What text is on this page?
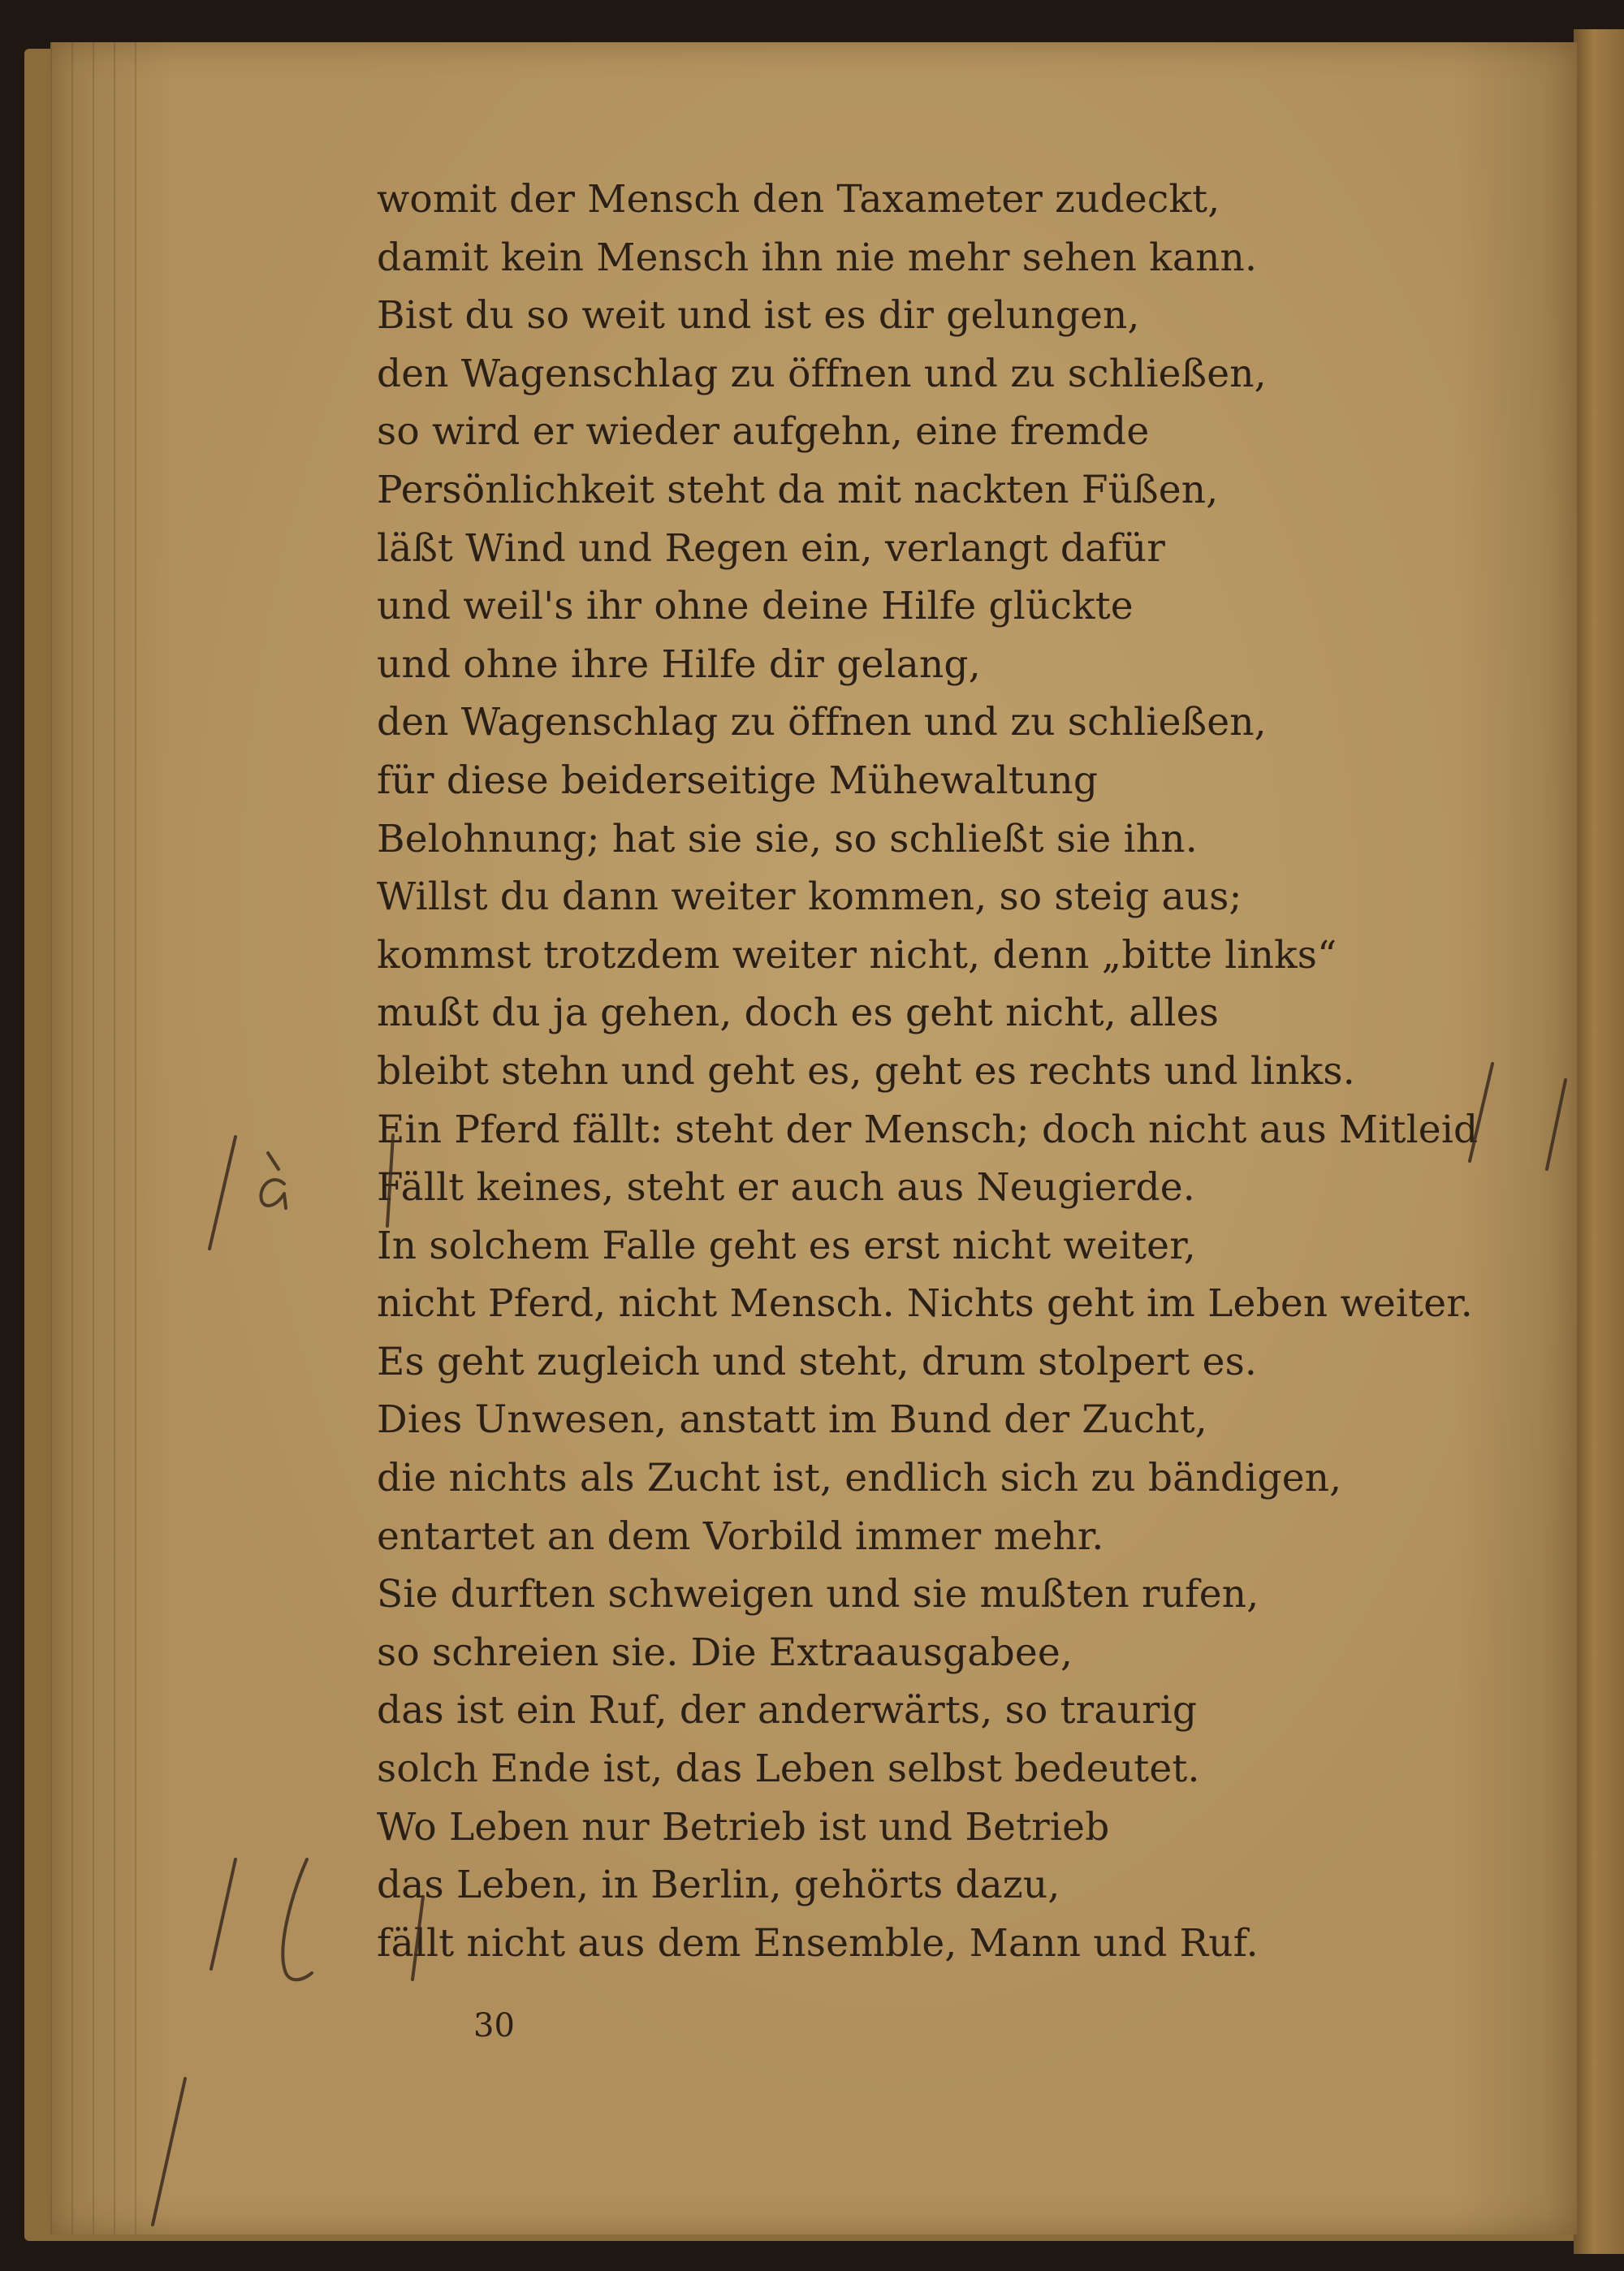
womit der Mensch den Taxameter zudeckt,
damit kein Mensch ihn nie mehr sehen kann.
Bist du so weit und ist es dir gelungen,
den Wagenschlag zu öffnen und zu schließen,
so wird er wieder aufgehn, eine fremde
Persönlichkeit steht da mit nackten Füßen,
läßt Wind und Regen ein, verlangt dafür
und weil's ihr ohne deine Hilfe glückte
und ohne ihre Hilfe dir gelang,
den Wagenschlag zu öffnen und zu schließen,
für diese beiderseitige Mühewaltung
Belohnung; hat sie sie, so schließt sie ihn.
Willst du dann weiter kommen, so steig aus;
kommst trotzdem weiter nicht, denn „bitte links“
mußt du ja gehen, doch es geht nicht, alles
bleibt stehn und geht es, geht es rechts und links.
Ein Pferd fällt: steht der Mensch; doch nicht aus Mitleid
Fällt keines, steht er auch aus Neugierde.
In solchem Falle geht es erst nicht weiter,
nicht Pferd, nicht Mensch. Nichts geht im Leben weiter.
Es geht zugleich und steht, drum stolpert es.
Dies Unwesen, anstatt im Bund der Zucht,
die nichts als Zucht ist, endlich sich zu bändigen,
entartet an dem Vorbild immer mehr.
Sie durften schweigen und sie mußten rufen,
so schreien sie. Die Extraausgabee,
das ist ein Ruf, der anderwärts, so traurig
solch Ende ist, das Leben selbst bedeutet.
Wo Leben nur Betrieb ist und Betrieb
das Leben, in Berlin, gehörts dazu,
fällt nicht aus dem Ensemble, Mann und Ruf.
30
